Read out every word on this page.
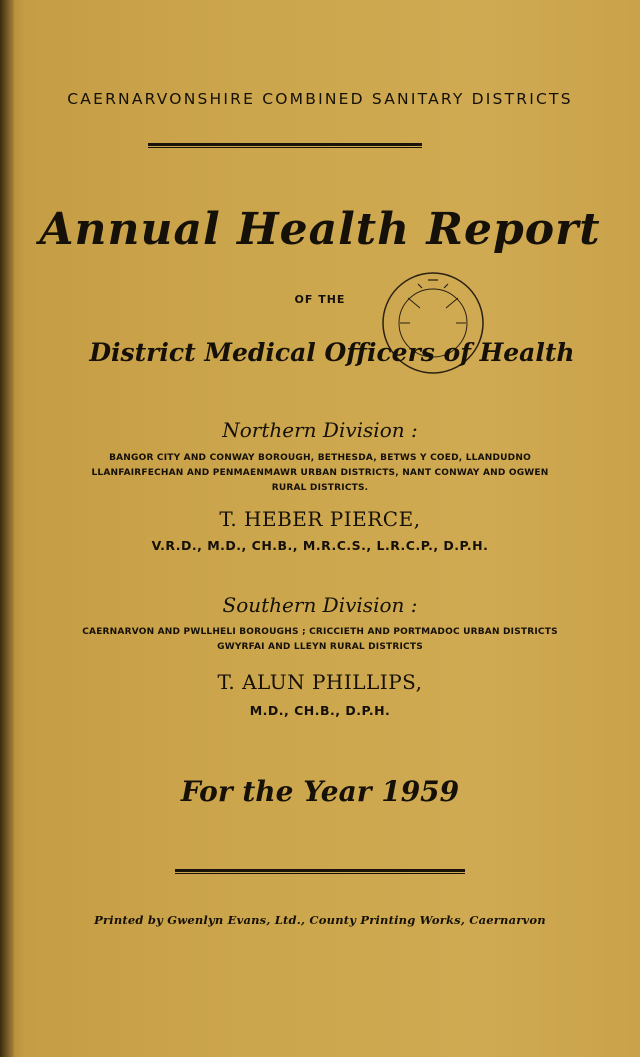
CAERNARVONSHIRE COMBINED SANITARY DISTRICTS
Annual Health Report
OF THE
District Medical Officers of Health
Northern Division :
BANGOR CITY AND CONWAY BOROUGH, BETHESDA, BETWS Y COED, LLANDUDNO
LLANFAIRFECHAN AND PENMAENMAWR URBAN DISTRICTS, NANT CONWAY AND OGWEN
RURAL DISTRICTS.
T. HEBER PIERCE,
V.R.D., M.D., CH.B., M.R.C.S., L.R.C.P., D.P.H.
Southern Division :
CAERNARVON AND PWLLHELI BOROUGHS ; CRICCIETH AND PORTMADOC URBAN DISTRICTS
GWYRFAI AND LLEYN RURAL DISTRICTS
T. ALUN PHILLIPS,
M.D., CH.B., D.P.H.
For the Year 1959
Printed by Gwenlyn Evans, Ltd., County Printing Works, Caernarvon
